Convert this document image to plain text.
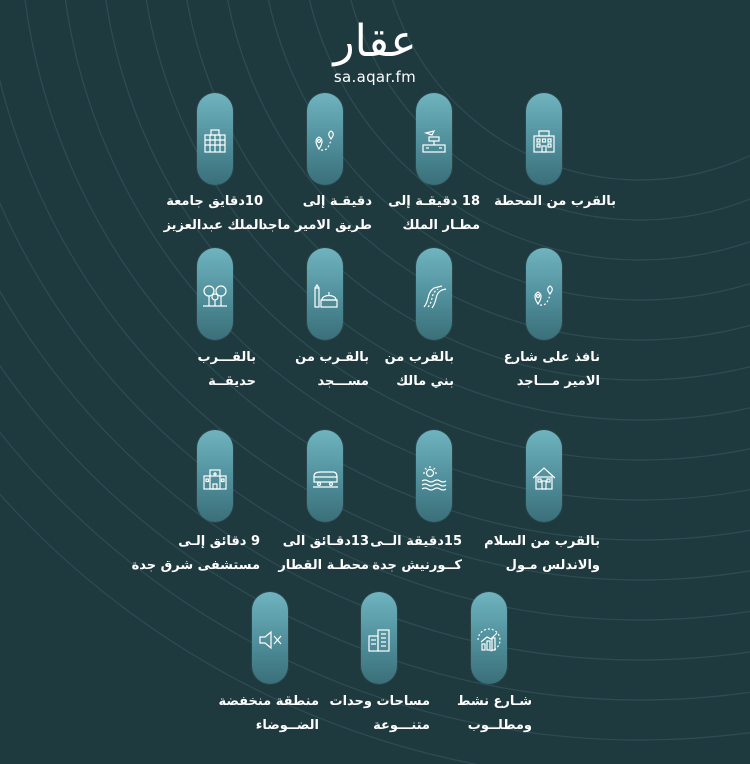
عقار
sa.aqar.fm
بالقرب من المحطة
18 دقيقـة إلى
مطـار الملك
دقيقـة إلى
طريق الامير ماجد
10دقايق جامعة
الملك عبدالعزيز
نافذ على شارع
الامير مـــاجد
بالقرب من
بني مالك
بالقـرب من
مســـجد
بالقـــرب
حديقــة
بالقرب من السلام
والاندلس مـول
15دقيقة الــى
كــورنيش جدة
13دقـائق الى
محطـة القطار
9 دقائق إلـى
مستشفى شرق جدة
شـارع نشط
ومطلــوب
مساحات وحدات
متنـــوعة
منطقة منخفضة
الضــوضاء
